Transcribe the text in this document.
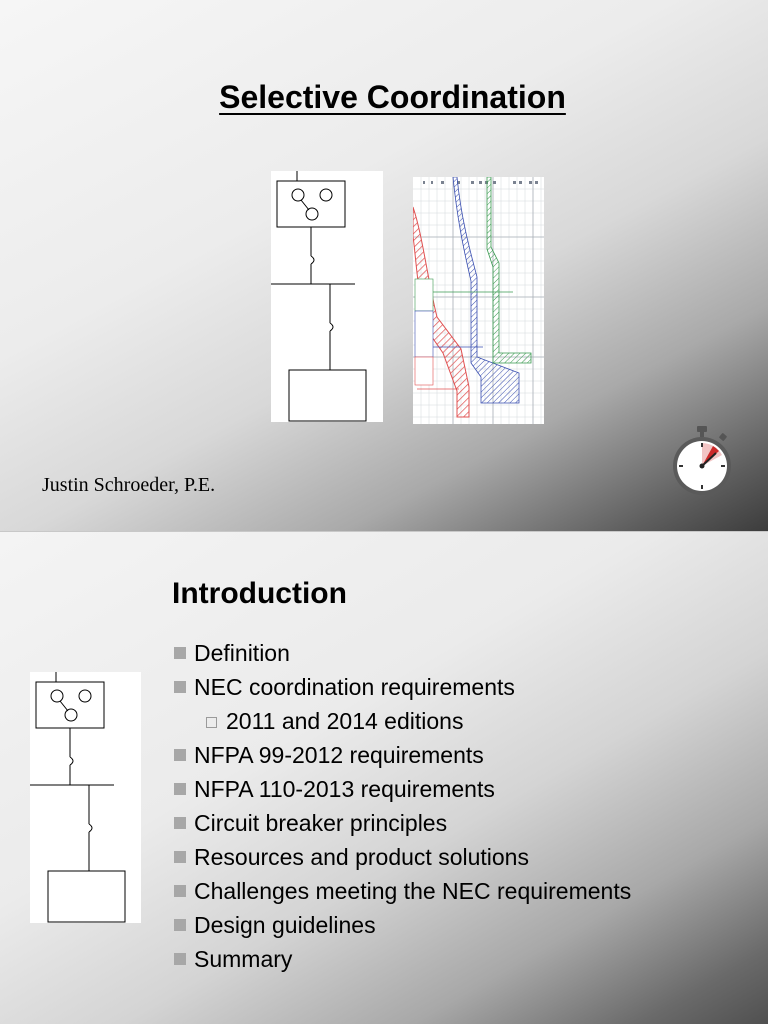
Selective Coordination
Justin Schroeder, P.E.
Introduction
Definition
NEC coordination requirements
2011 and 2014 editions
NFPA 99-2012 requirements
NFPA 110-2013 requirements
Circuit breaker principles
Resources and product solutions
Challenges meeting the NEC requirements
Design guidelines
Summary
